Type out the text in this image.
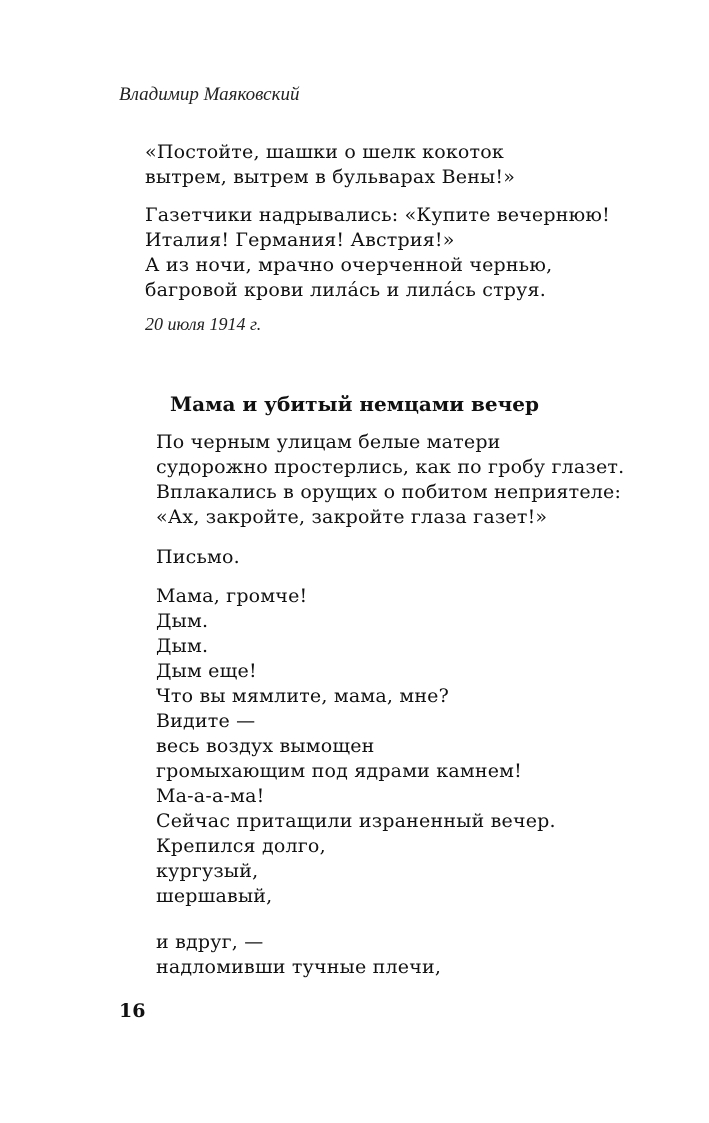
Владимир Маяковский
«Постойте, шашки о шелк кокоток
вытрем, вытрем в бульварах Вены!»
Газетчики надрывались: «Купите вечернюю!
Италия! Германия! Австрия!»
А из ночи, мрачно очерченной чернью,
багровой крови лила́сь и лила́сь струя.
20 июля 1914 г.
Мама и убитый немцами вечер
По черным улицам белые матери
судорожно простерлись, как по гробу глазет.
Вплакались в орущих о побитом неприятеле:
«Ах, закройте, закройте глаза газет!»
Письмо.
Мама, громче!
Дым.
Дым.
Дым еще!
Что вы мямлите, мама, мне?
Видите —
весь воздух вымощен
громыхающим под ядрами камнем!
Ма-а-а-ма!
Сейчас притащили израненный вечер.
Крепился долго,
кургузый,
шершавый,
и вдруг, —
надломивши тучные плечи,
16
